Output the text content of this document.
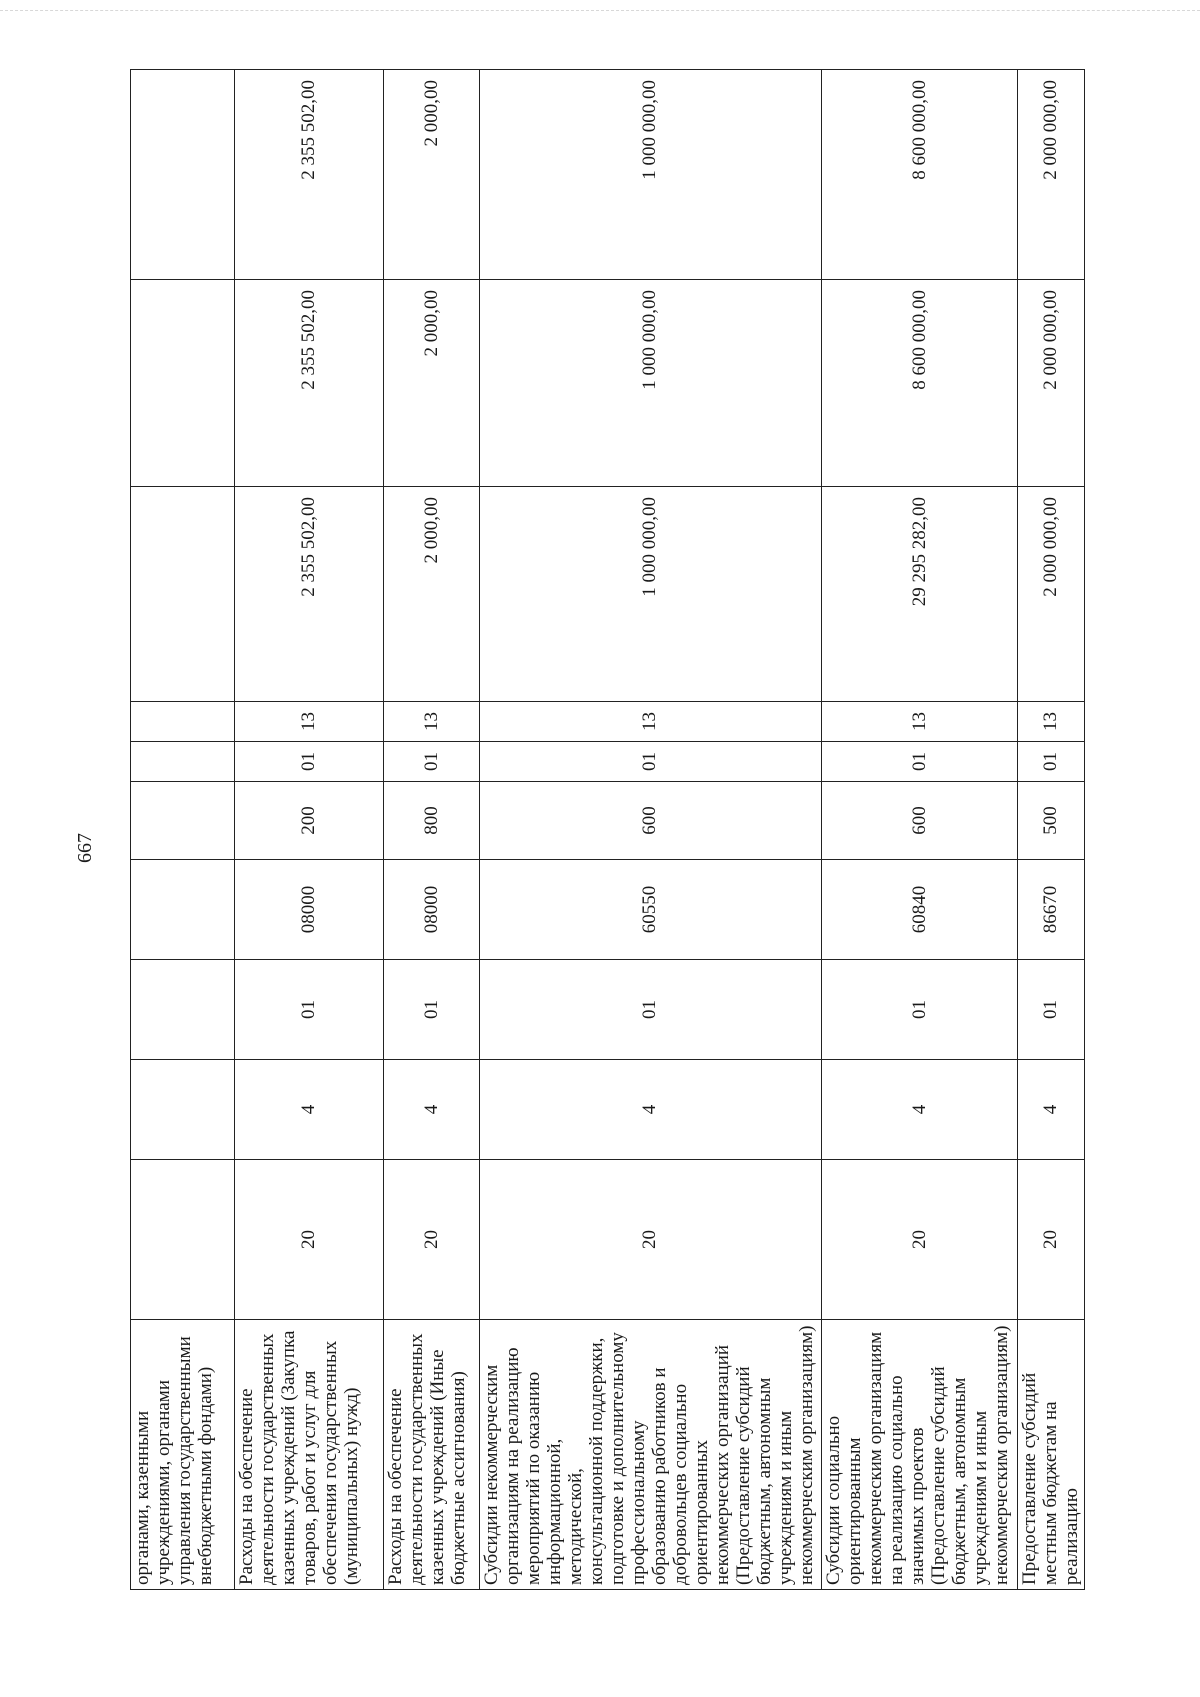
667
органами, казенными учреждениями, органами управления государственными внебюджетными фондами)										
Расходы на обеспечение деятельности государственных казенных учреждений (Закупка товаров, работ и услуг для обеспечения государственных (муниципальных) нужд)	20	4	01	08000	200	01	13	2 355 502,00	2 355 502,00	2 355 502,00
Расходы на обеспечение деятельности государственных казенных учреждений (Иные бюджетные ассигнования)	20	4	01	08000	800	01	13	2 000,00	2 000,00	2 000,00
Субсидии некоммерческим организациям на реализацию мероприятий по оказанию информационной, методической, консультационной поддержки, подготовке и дополнительному профессиональному образованию работников и добровольцев социально ориентированных некоммерческих организаций (Предоставление субсидий бюджетным, автономным учреждениям и иным некоммерческим организациям)	20	4	01	60550	600	01	13	1 000 000,00	1 000 000,00	1 000 000,00
Субсидии социально ориентированным некоммерческим организациям на реализацию социально значимых проектов (Предоставление субсидий бюджетным, автономным учреждениям и иным некоммерческим организациям)	20	4	01	60840	600	01	13	29 295 282,00	8 600 000,00	8 600 000,00
Предоставление субсидий местным бюджетам на реализацию	20	4	01	86670	500	01	13	2 000 000,00	2 000 000,00	2 000 000,00
